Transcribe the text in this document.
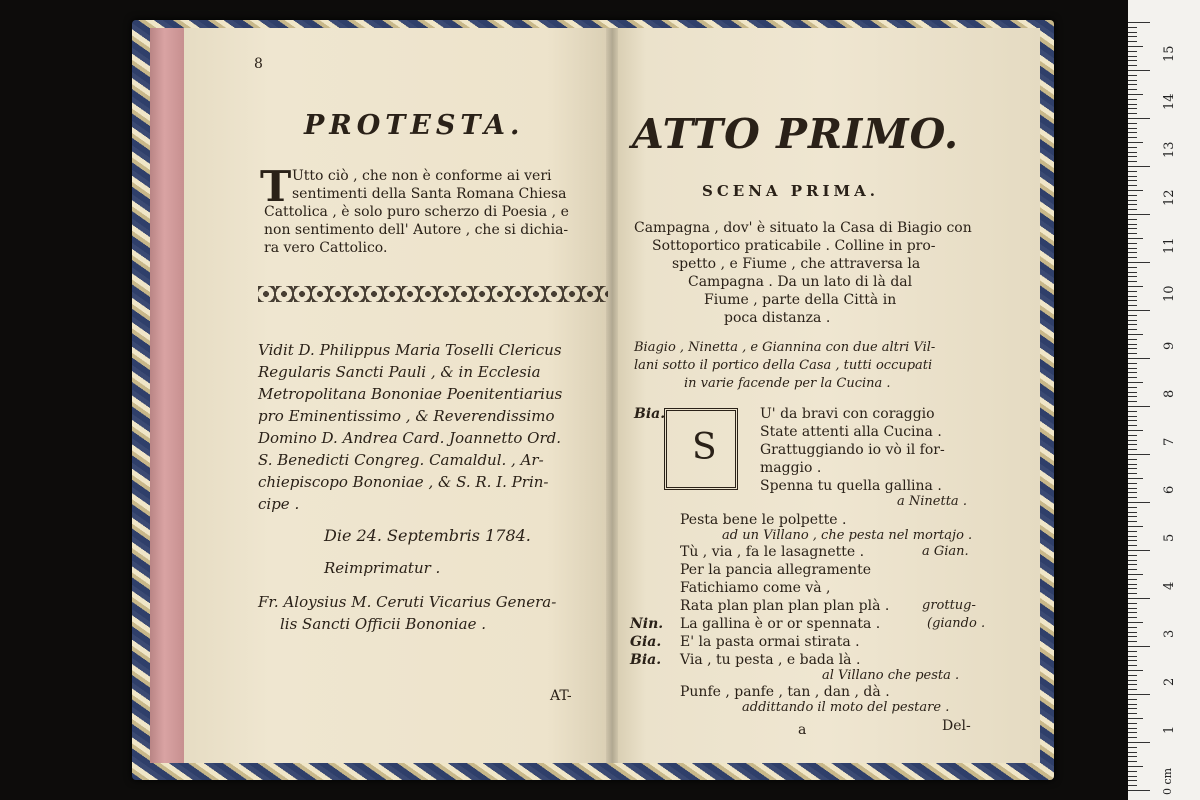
8
PROTESTA.
T Utto ciò , che non è conforme ai veri
sentimenti della Santa Romana Chiesa
Cattolica , è solo puro scherzo di Poesia , e
non sentimento dell' Autore , che si dichia-
ra vero Cattolico.
Vidit D. Philippus Maria Toselli Clericus
Regularis Sancti Pauli , & in Ecclesia
Metropolitana Bononiae Poenitentiarius
pro Eminentissimo , & Reverendissimo
Domino D. Andrea Card. Joannetto Ord.
S. Benedicti Congreg. Camaldul. , Ar-
chiepiscopo Bononiae , & S. R. I. Prin-
cipe .
Die 24. Septembris 1784.
Reimprimatur .
Fr. Aloysius M. Ceruti Vicarius Genera-
lis Sancti Officii Bononiae .
AT-
ATTO PRIMO.
SCENA PRIMA.
Campagna , dov' è situato la Casa di Biagio con
Sottoportico praticabile . Colline in pro-
spetto , e Fiume , che attraversa la
Campagna . Da un lato di là dal
Fiume , parte della Città in
poca distanza .
Biagio , Ninetta , e Giannina con due altri Vil-
lani sotto il portico della Casa , tutti occupati
in varie facende per la Cucina .
S
Bia.	U' da bravi con coraggio
State attenti alla Cucina .
Grattuggiando io vò il for-
maggio .
Spenna tu quella gallina .
a Ninetta .
Pesta bene le polpette .
ad un Villano , che pesta nel mortajo .
Tù , via , fa le lasagnette .	a Gian.
Per la pancia allegramente
Fatichiamo come và ,
Rata plan plan plan plan plà .	grottug-
Nin. La gallina è or or spennata .	(giando .
Gia. E' la pasta ormai stirata .
Bia. Via , tu pesta , e bada là .
al Villano che pesta .
Punfe , panfe , tan , dan , dà .
addittando il moto del pestare .
a	Del-	1
2
3
4
5
6
7
8
9
10
11
12
13
14
15
0 cm
